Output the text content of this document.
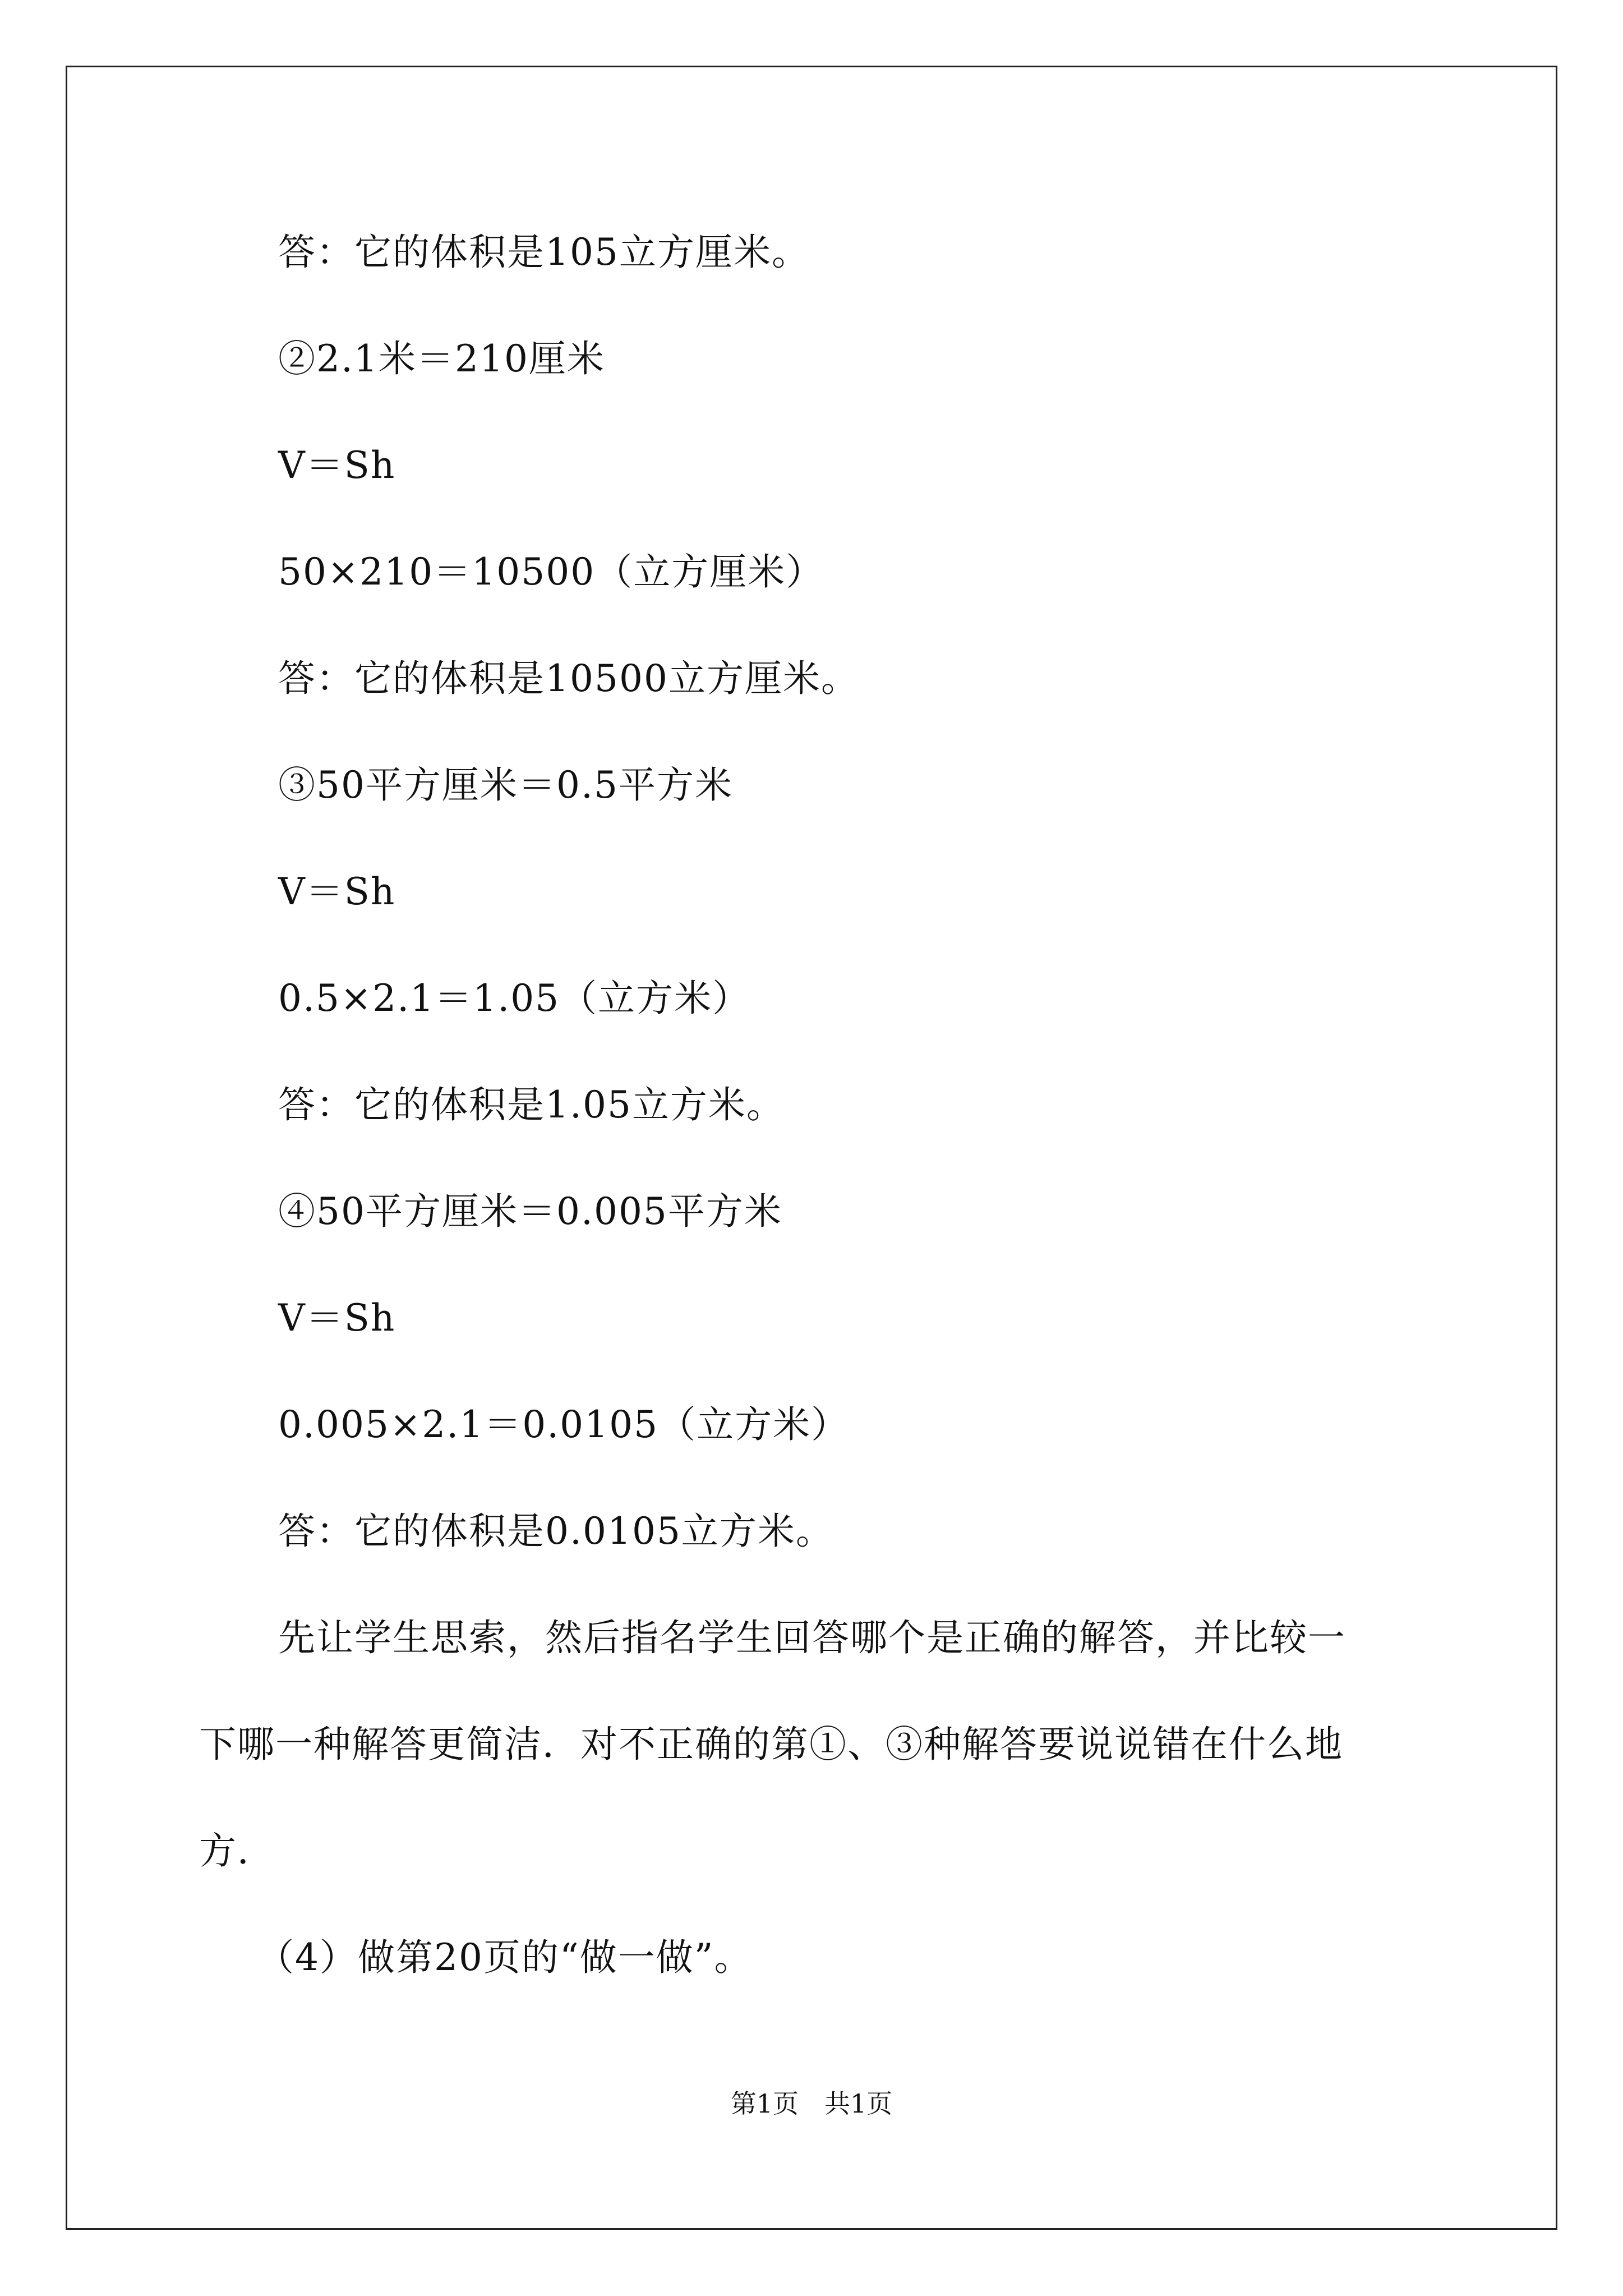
答：它的体积是105立方厘米。
②2.1米＝210厘米
V＝Sh
50×210＝10500（立方厘米）
答：它的体积是10500立方厘米。
③50平方厘米＝0.5平方米
V＝Sh
0.5×2.1＝1.05（立方米）
答：它的体积是1.05立方米。
④50平方厘米＝0.005平方米
V＝Sh
0.005×2.1＝0.0105（立方米）
答：它的体积是0.0105立方米。
先让学生思索，然后指名学生回答哪个是正确的解答，并比较一
下哪一种解答更简洁．对不正确的第①、③种解答要说说错在什么地
方．
（4）做第20页的“做一做”。
第1页　共1页
